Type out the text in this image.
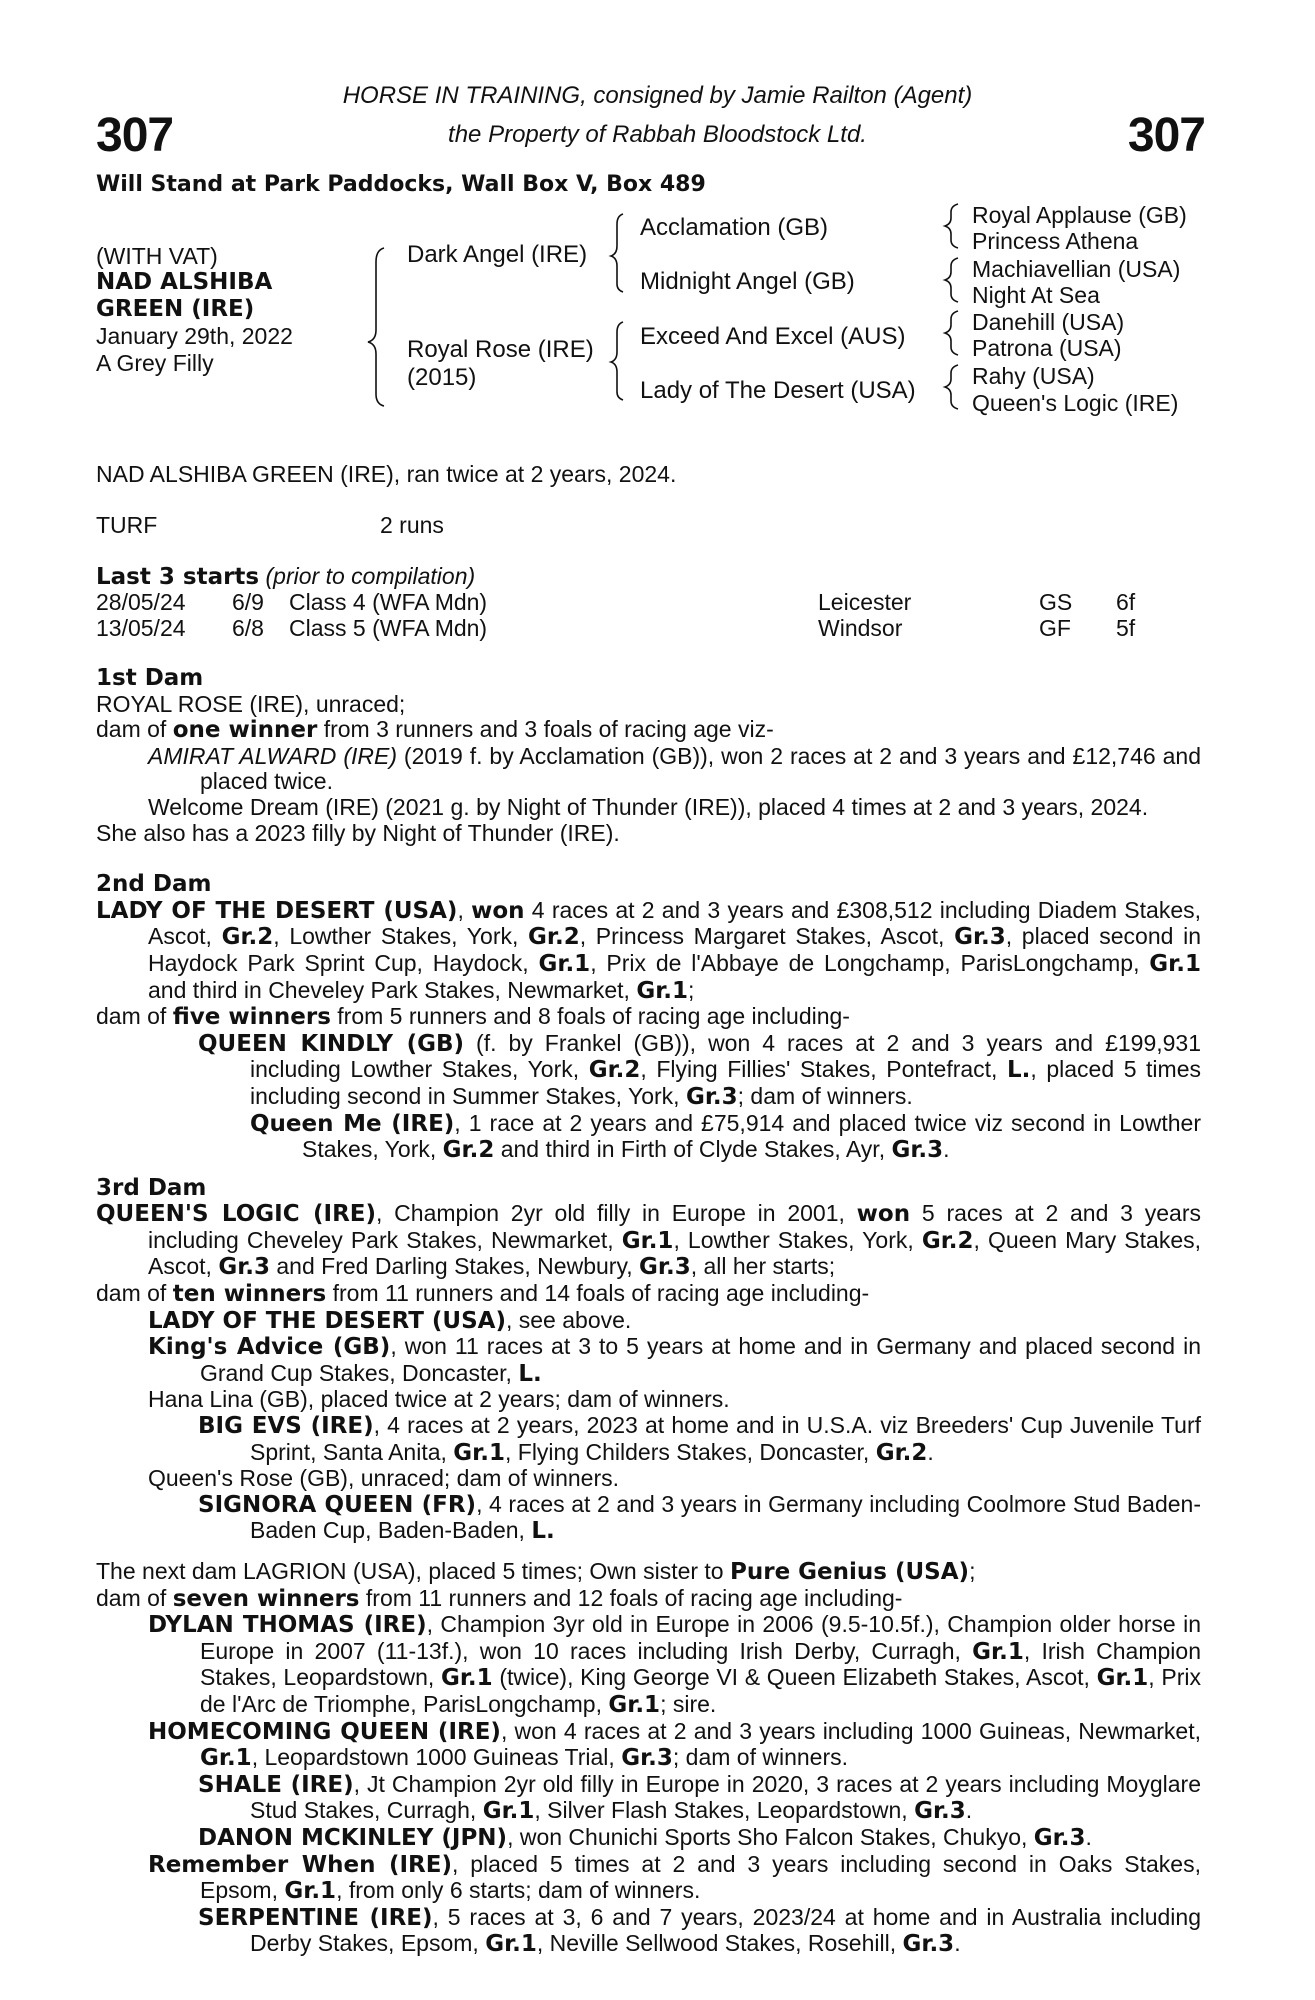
307	307
HORSE IN TRAINING, consigned by Jamie Railton (Agent)
the Property of Rabbah Bloodstock Ltd.
Will Stand at Park Paddocks, Wall Box V, Box 489
(WITH VAT)
NAD ALSHIBA
GREEN (IRE)
January 29th, 2022
A Grey Filly
Dark Angel (IRE)
Royal Rose (IRE)
(2015)
Acclamation (GB)
Midnight Angel (GB)
Exceed And Excel (AUS)
Lady of The Desert (USA)
Royal Applause (GB)
Princess Athena
Machiavellian (USA)
Night At Sea
Danehill (USA)
Patrona (USA)
Rahy (USA)
Queen's Logic (IRE)
NAD ALSHIBA GREEN (IRE), ran twice at 2 years, 2024.
TURF	2 runs
Last 3 starts (prior to compilation)
28/05/24 6/9 Class 4 (WFA Mdn)	Leicester	GS 6f
13/05/24 6/8 Class 5 (WFA Mdn)	Windsor	GF 5f

1st Dam

ROYAL ROSE (IRE), unraced;

dam of one winner from 3 runners and 3 foals of racing age viz-

AMIRAT ALWARD (IRE) (2019 f. by Acclamation (GB)), won 2 races at 2 and 3 years and £12,746 and placed twice.

Welcome Dream (IRE) (2021 g. by Night of Thunder (IRE)), placed 4 times at 2 and 3 years, 2024.

She also has a 2023 filly by Night of Thunder (IRE).

2nd Dam

LADY OF THE DESERT (USA), won 4 races at 2 and 3 years and £308,512 including Diadem Stakes, Ascot, Gr.2, Lowther Stakes, York, Gr.2, Princess Margaret Stakes, Ascot, Gr.3, placed second in Haydock Park Sprint Cup, Haydock, Gr.1, Prix de l'Abbaye de Longchamp, ParisLongchamp, Gr.1 and third in Cheveley Park Stakes, Newmarket, Gr.1;

dam of five winners from 5 runners and 8 foals of racing age including-

QUEEN KINDLY (GB) (f. by Frankel (GB)), won 4 races at 2 and 3 years and £199,931 including Lowther Stakes, York, Gr.2, Flying Fillies' Stakes, Pontefract, L., placed 5 times including second in Summer Stakes, York, Gr.3; dam of winners.

Queen Me (IRE), 1 race at 2 years and £75,914 and placed twice viz second in Lowther Stakes, York, Gr.2 and third in Firth of Clyde Stakes, Ayr, Gr.3.

3rd Dam

QUEEN'S LOGIC (IRE), Champion 2yr old filly in Europe in 2001, won 5 races at 2 and 3 years including Cheveley Park Stakes, Newmarket, Gr.1, Lowther Stakes, York, Gr.2, Queen Mary Stakes, Ascot, Gr.3 and Fred Darling Stakes, Newbury, Gr.3, all her starts;

dam of ten winners from 11 runners and 14 foals of racing age including-

LADY OF THE DESERT (USA), see above.

King's Advice (GB), won 11 races at 3 to 5 years at home and in Germany and placed second in Grand Cup Stakes, Doncaster, L.

Hana Lina (GB), placed twice at 2 years; dam of winners.

BIG EVS (IRE), 4 races at 2 years, 2023 at home and in U.S.A. viz Breeders' Cup Juvenile Turf Sprint, Santa Anita, Gr.1, Flying Childers Stakes, Doncaster, Gr.2.

Queen's Rose (GB), unraced; dam of winners.

SIGNORA QUEEN (FR), 4 races at 2 and 3 years in Germany including Coolmore Stud Baden-Baden Cup, Baden-Baden, L.

The next dam LAGRION (USA), placed 5 times; Own sister to Pure Genius (USA);

dam of seven winners from 11 runners and 12 foals of racing age including-

DYLAN THOMAS (IRE), Champion 3yr old in Europe in 2006 (9.5-10.5f.), Champion older horse in Europe in 2007 (11-13f.), won 10 races including Irish Derby, Curragh, Gr.1, Irish Champion Stakes, Leopardstown, Gr.1 (twice), King George VI & Queen Elizabeth Stakes, Ascot, Gr.1, Prix de l'Arc de Triomphe, ParisLongchamp, Gr.1; sire.

HOMECOMING QUEEN (IRE), won 4 races at 2 and 3 years including 1000 Guineas, Newmarket, Gr.1, Leopardstown 1000 Guineas Trial, Gr.3; dam of winners.

SHALE (IRE), Jt Champion 2yr old filly in Europe in 2020, 3 races at 2 years including Moyglare Stud Stakes, Curragh, Gr.1, Silver Flash Stakes, Leopardstown, Gr.3.

DANON MCKINLEY (JPN), won Chunichi Sports Sho Falcon Stakes, Chukyo, Gr.3.

Remember When (IRE), placed 5 times at 2 and 3 years including second in Oaks Stakes, Epsom, Gr.1, from only 6 starts; dam of winners.

SERPENTINE (IRE), 5 races at 3, 6 and 7 years, 2023/24 at home and in Australia including Derby Stakes, Epsom, Gr.1, Neville Sellwood Stakes, Rosehill, Gr.3.
